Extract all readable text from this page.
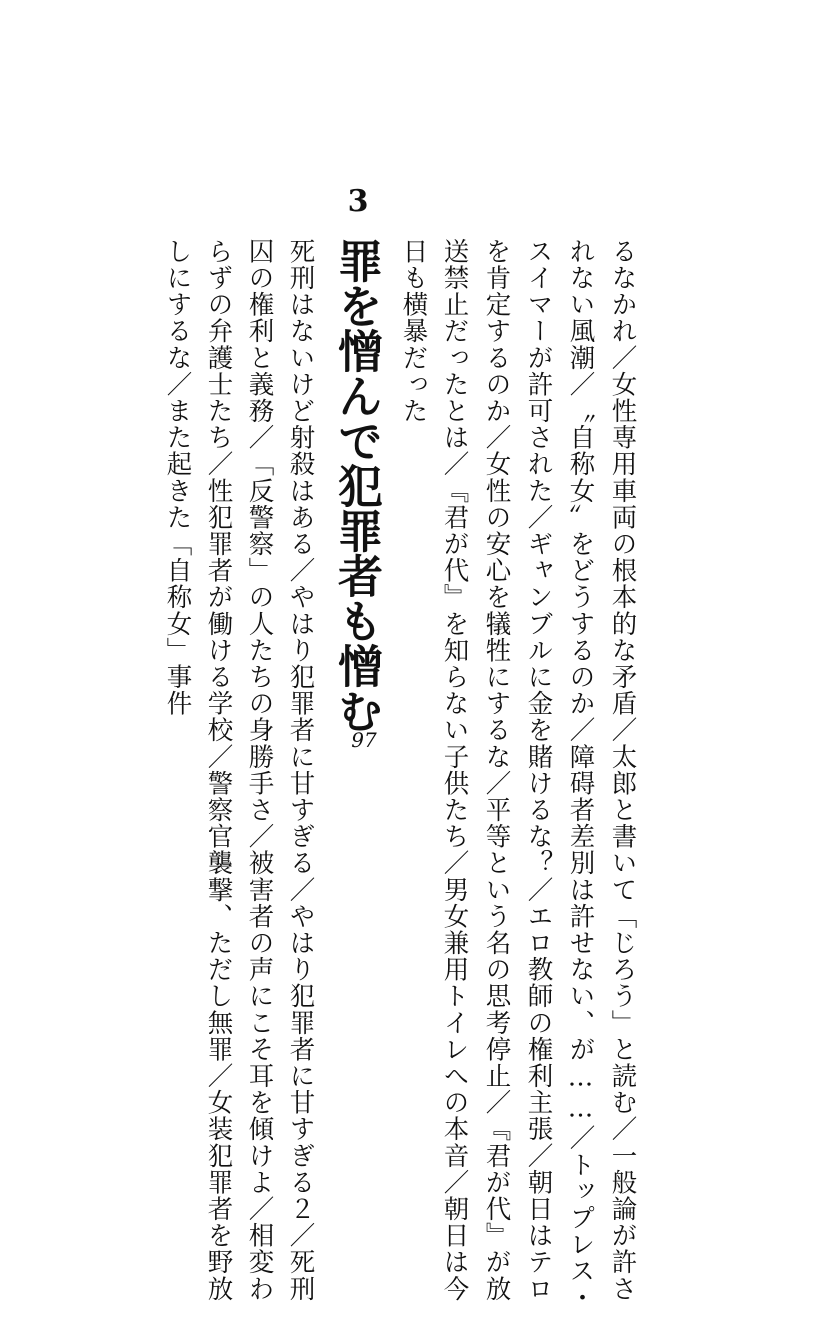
るなかれ／女性専用車両の根本的な矛盾／太郎と書いて「じろう」と読む／一般論が許さ
れない風潮／〝自称女〟をどうするのか／障碍者差別は許せない、が……／トップレス・
スイマーが許可された／ギャンブルに金を賭けるな？／エロ教師の権利主張／朝日はテロ
を肯定するのか／女性の安心を犠牲にするな／平等という名の思考停止／『君が代』が放
送禁止だったとは／『君が代』を知らない子供たち／男女兼用トイレへの本音／朝日は今
日も横暴だった
3
罪を憎んで犯罪者も憎む
死刑はないけど射殺はある／やはり犯罪者に甘すぎる／やはり犯罪者に甘すぎる２／死刑
囚の権利と義務／「反警察」の人たちの身勝手さ／被害者の声にこそ耳を傾けよ／相変わ
らずの弁護士たち／性犯罪者が働ける学校／警察官襲撃、ただし無罪／女装犯罪者を野放
しにするな／また起きた「自称女」事件
97
